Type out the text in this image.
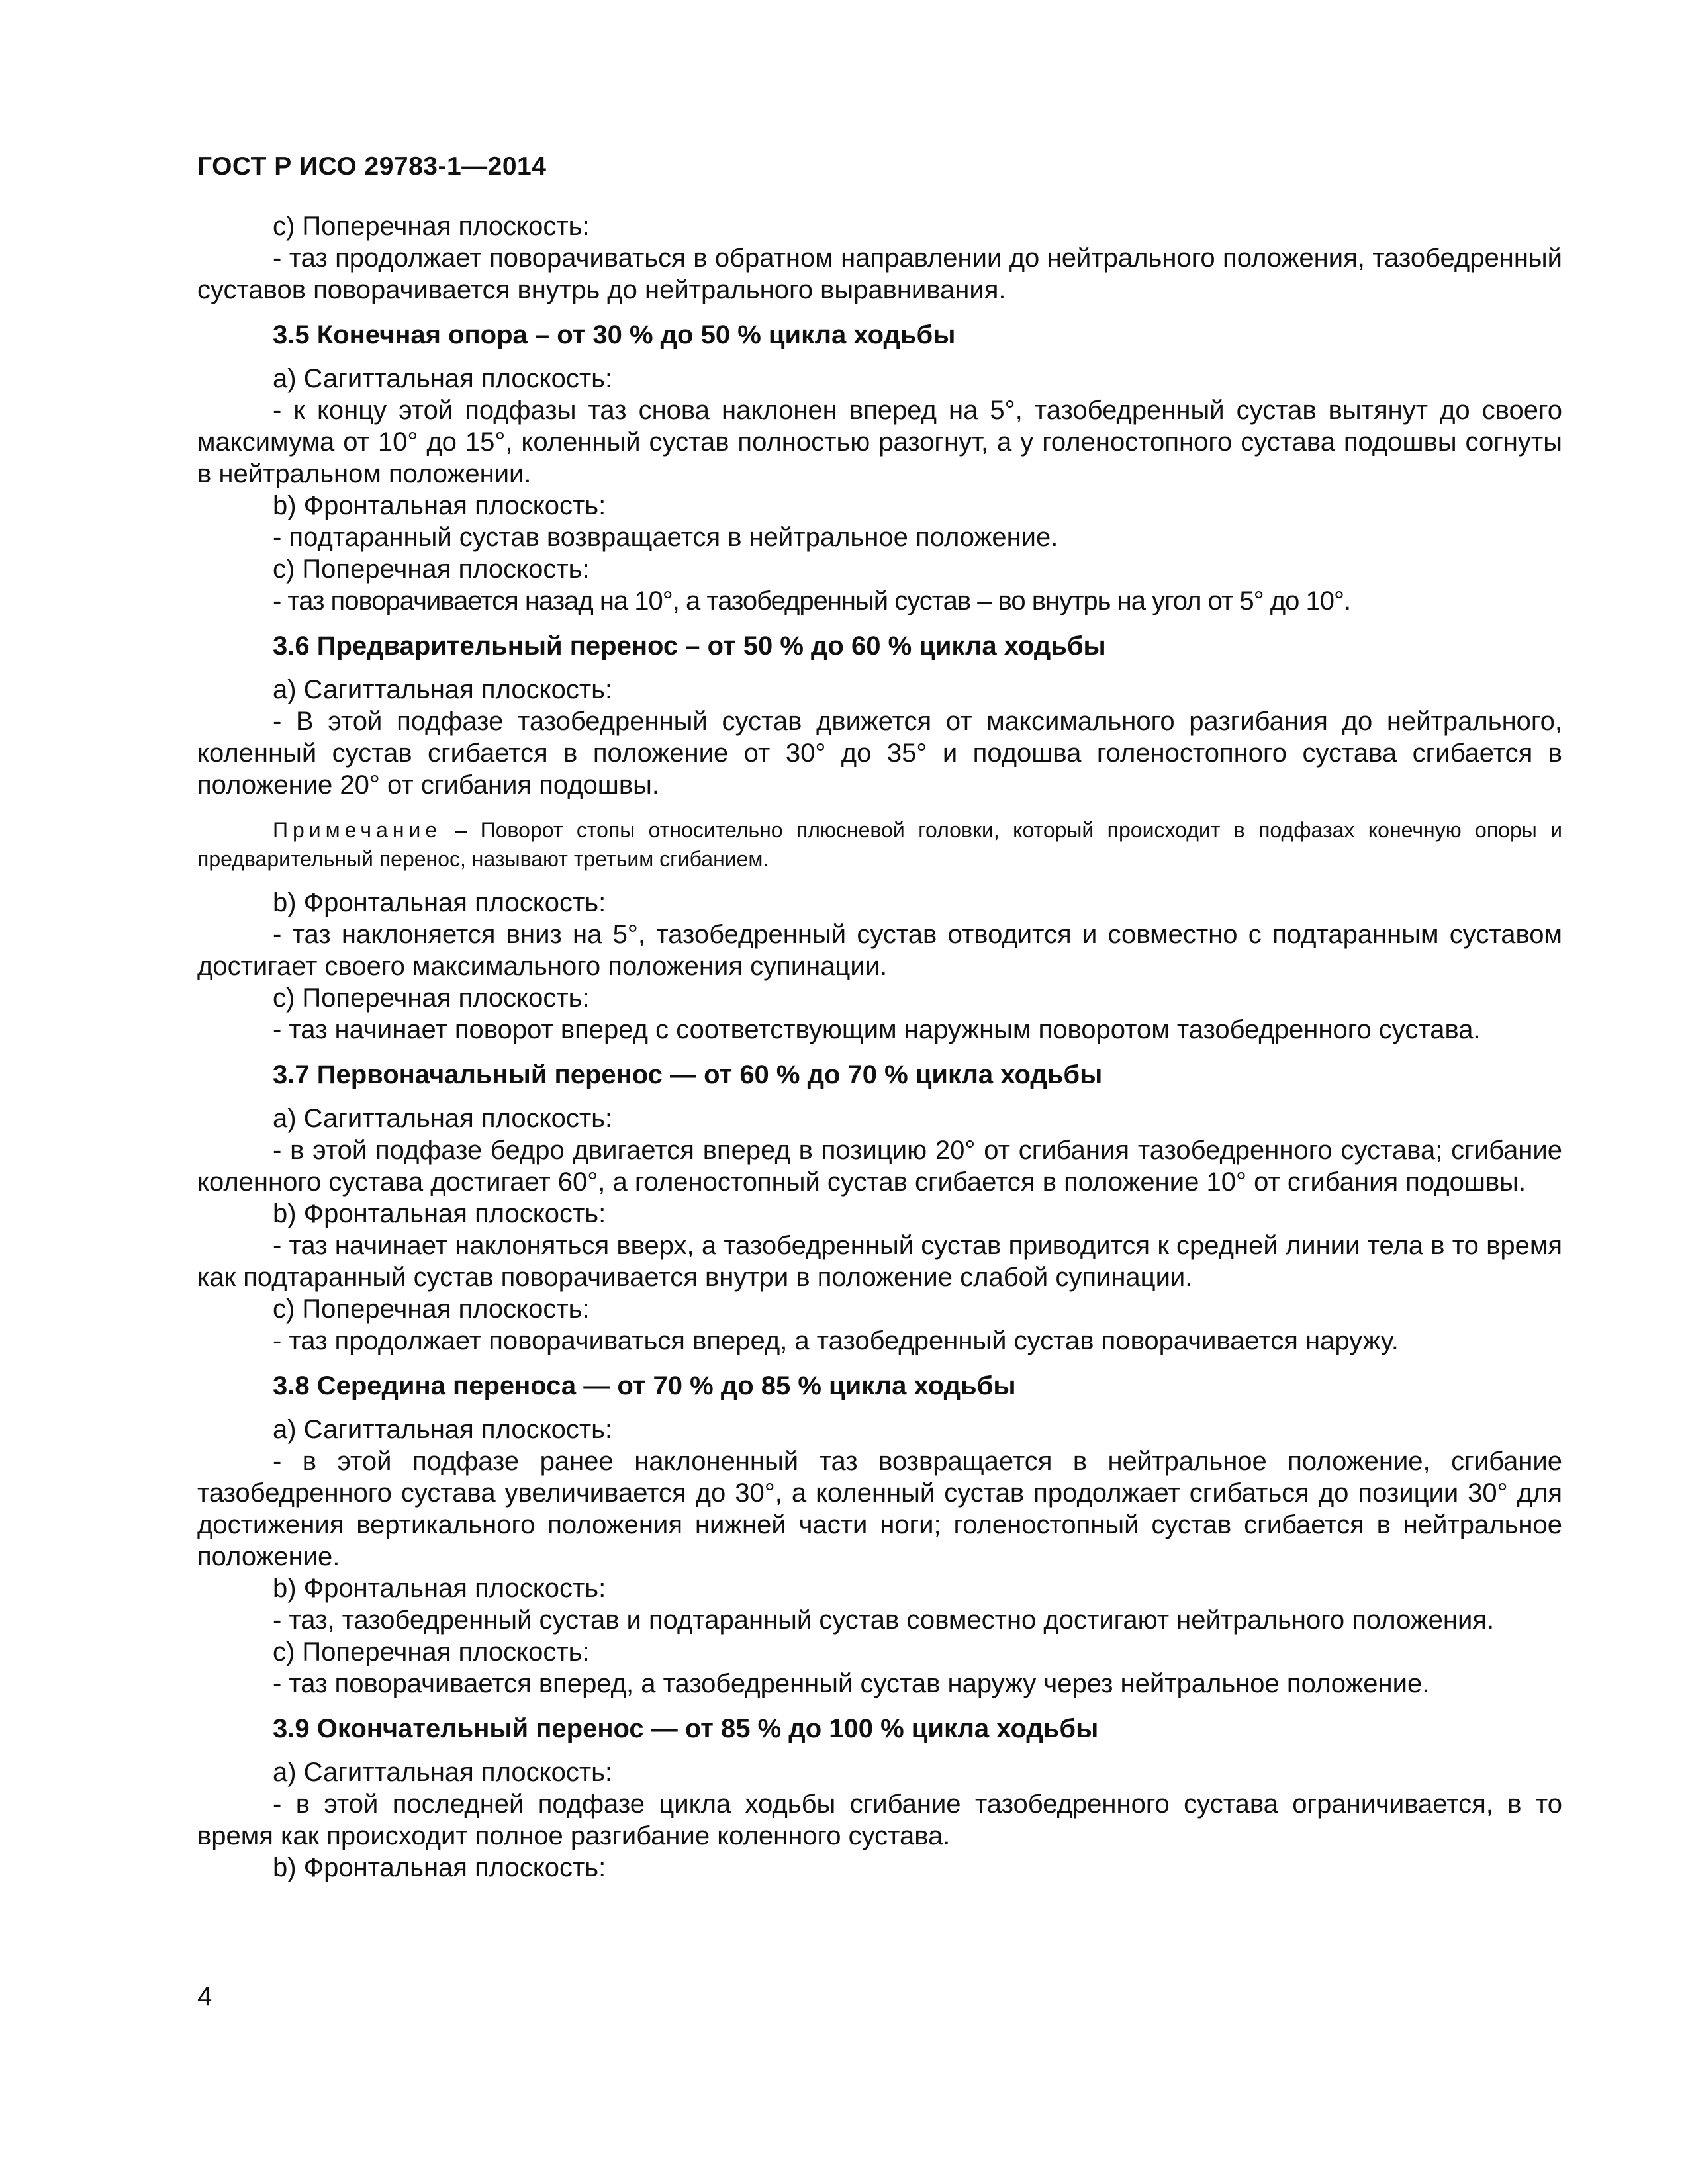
ГОСТ Р ИСО 29783-1—2014
c) Поперечная плоскость:
- таз продолжает поворачиваться в обратном направлении до нейтрального положения, тазобедренный суставов поворачивается внутрь до нейтрального выравнивания.
3.5 Конечная опора – от 30 % до 50 % цикла ходьбы
a) Сагиттальная плоскость:
- к концу этой подфазы таз снова наклонен вперед на 5°, тазобедренный сустав вытянут до своего максимума от 10° до 15°, коленный сустав полностью разогнут, а у голеностопного сустава подошвы согнуты в нейтральном положении.
b) Фронтальная плоскость:
- подтаранный сустав возвращается в нейтральное положение.
c) Поперечная плоскость:
- таз поворачивается назад на 10°, а тазобедренный сустав – во внутрь на угол от 5° до 10°.
3.6 Предварительный перенос – от 50 % до 60 % цикла ходьбы
a) Сагиттальная плоскость:
- В этой подфазе тазобедренный сустав движется от максимального разгибания до нейтрального, коленный сустав сгибается в положение от 30° до 35° и подошва голеностопного сустава сгибается в положение 20° от сгибания подошвы.
Примечание – Поворот стопы относительно плюсневой головки, который происходит в подфазах конечную опоры и предварительный перенос, называют третьим сгибанием.
b) Фронтальная плоскость:
- таз наклоняется вниз на 5°, тазобедренный сустав отводится и совместно с подтаранным суставом достигает своего максимального положения супинации.
c) Поперечная плоскость:
- таз начинает поворот вперед с соответствующим наружным поворотом тазобедренного сустава.
3.7 Первоначальный перенос — от 60 % до 70 % цикла ходьбы
a) Сагиттальная плоскость:
- в этой подфазе бедро двигается вперед в позицию 20° от сгибания тазобедренного сустава; сгибание коленного сустава достигает 60°, а голеностопный сустав сгибается в положение 10° от сгибания подошвы.
b) Фронтальная плоскость:
- таз начинает наклоняться вверх, а тазобедренный сустав приводится к средней линии тела в то время как подтаранный сустав поворачивается внутри в положение слабой супинации.
c) Поперечная плоскость:
- таз продолжает поворачиваться вперед, а тазобедренный сустав поворачивается наружу.
3.8 Середина переноса — от 70 % до 85 % цикла ходьбы
a) Сагиттальная плоскость:
- в этой подфазе ранее наклоненный таз возвращается в нейтральное положение, сгибание тазобедренного сустава увеличивается до 30°, а коленный сустав продолжает сгибаться до позиции 30° для достижения вертикального положения нижней части ноги; голеностопный сустав сгибается в нейтральное положение.
b) Фронтальная плоскость:
- таз, тазобедренный сустав и подтаранный сустав совместно достигают нейтрального положения.
c) Поперечная плоскость:
- таз поворачивается вперед, а тазобедренный сустав наружу через нейтральное положение.
3.9 Окончательный перенос — от 85 % до 100 % цикла ходьбы
a) Сагиттальная плоскость:
- в этой последней подфазе цикла ходьбы сгибание тазобедренного сустава ограничивается, в то время как происходит полное разгибание коленного сустава.
b) Фронтальная плоскость:
4
